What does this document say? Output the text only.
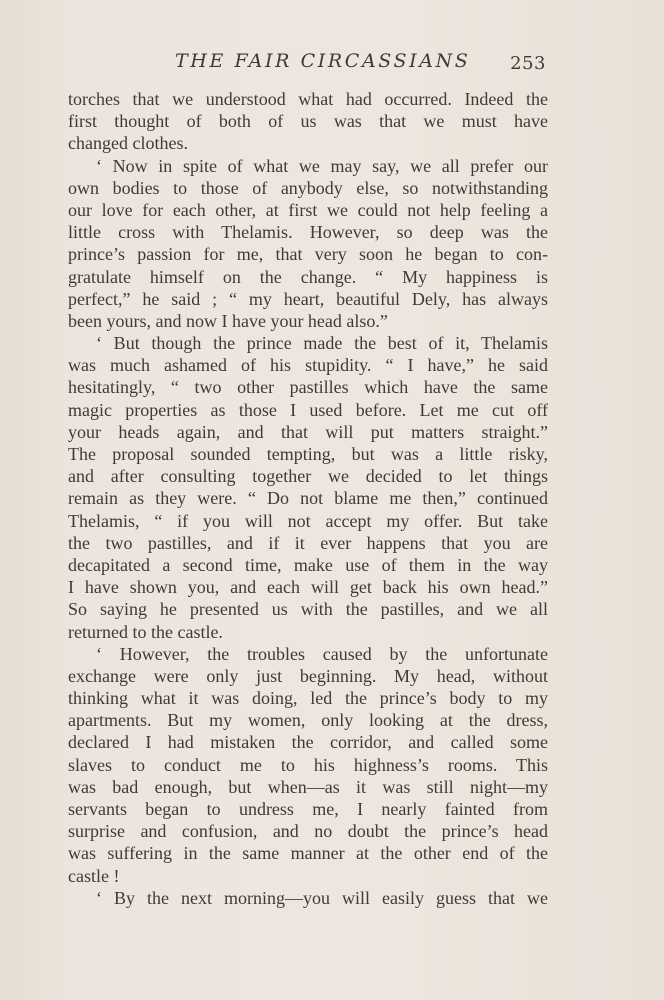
THE FAIR CIRCASSIANS 253
torches that we understood what had occurred. Indeed the
first thought of both of us was that we must have
changed clothes.
‘ Now in spite of what we may say, we all prefer our
own bodies to those of anybody else, so notwithstanding
our love for each other, at first we could not help feeling a
little cross with Thelamis. However, so deep was the
prince’s passion for me, that very soon he began to con-
gratulate himself on the change. “ My happiness is
perfect,” he said ; “ my heart, beautiful Dely, has always
been yours, and now I have your head also.”
‘ But though the prince made the best of it, Thelamis
was much ashamed of his stupidity. “ I have,” he said
hesitatingly, “ two other pastilles which have the same
magic properties as those I used before. Let me cut off
your heads again, and that will put matters straight.”
The proposal sounded tempting, but was a little risky,
and after consulting together we decided to let things
remain as they were. “ Do not blame me then,” continued
Thelamis, “ if you will not accept my offer. But take
the two pastilles, and if it ever happens that you are
decapitated a second time, make use of them in the way
I have shown you, and each will get back his own head.”
So saying he presented us with the pastilles, and we all
returned to the castle.
‘ However, the troubles caused by the unfortunate
exchange were only just beginning. My head, without
thinking what it was doing, led the prince’s body to my
apartments. But my women, only looking at the dress,
declared I had mistaken the corridor, and called some
slaves to conduct me to his highness’s rooms. This
was bad enough, but when—as it was still night—my
servants began to undress me, I nearly fainted from
surprise and confusion, and no doubt the prince’s head
was suffering in the same manner at the other end of the
castle !
‘ By the next morning—you will easily guess that we
